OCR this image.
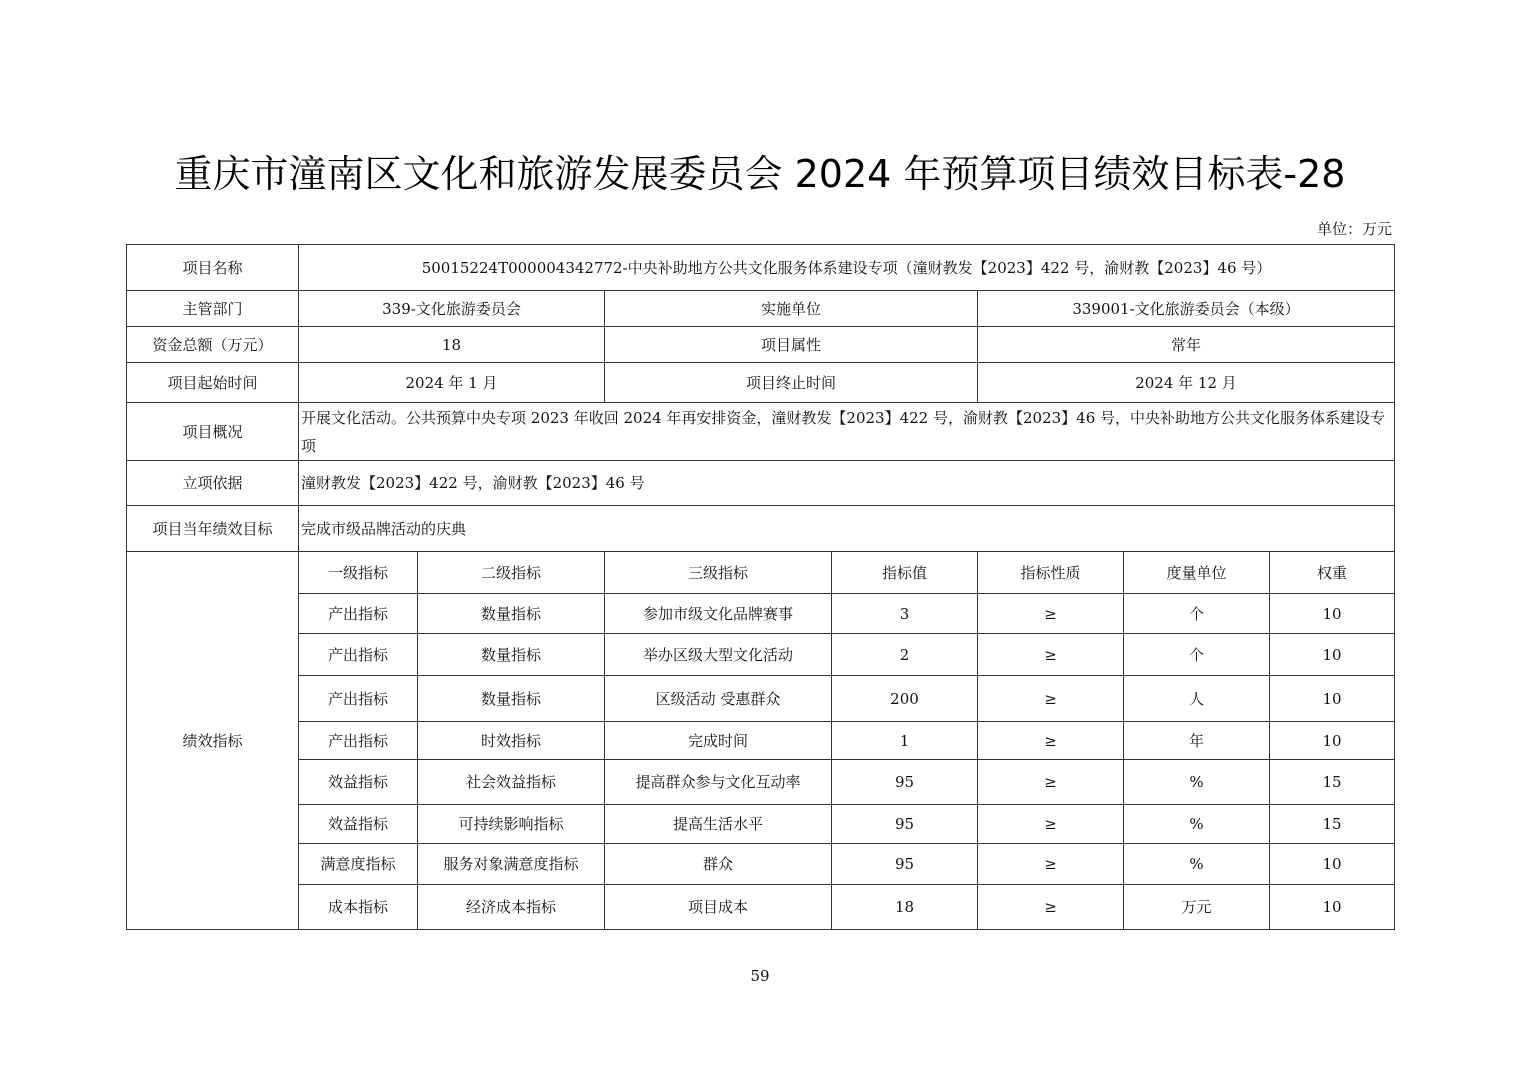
重庆市潼南区文化和旅游发展委员会 2024 年预算项目绩效目标表-28
单位：万元
项目名称	50015224T000004342772-中央补助地方公共文化服务体系建设专项（潼财教发【2023】422 号，渝财教【2023】46 号）						
主管部门	339-文化旅游委员会		实施单位		339001-文化旅游委员会（本级）		
资金总额（万元）	18		项目属性		常年		
项目起始时间	2024 年 1 月		项目终止时间		2024 年 12 月		
项目概况	开展文化活动。公共预算中央专项 2023 年收回 2024 年再安排资金，潼财教发【2023】422 号，渝财教【2023】46 号，中央补助地方公共文化服务体系建设专项						
立项依据	潼财教发【2023】422 号，渝财教【2023】46 号						
项目当年绩效目标	完成市级品牌活动的庆典						
绩效指标	一级指标	二级指标	三级指标	指标值	指标性质	度量单位	权重
	产出指标	数量指标	参加市级文化品牌赛事	3	≥	个	10
	产出指标	数量指标	举办区级大型文化活动	2	≥	个	10
	产出指标	数量指标	区级活动 受惠群众	200	≥	人	10
	产出指标	时效指标	完成时间	1	≥	年	10
	效益指标	社会效益指标	提高群众参与文化互动率	95	≥	%	15
	效益指标	可持续影响指标	提高生活水平	95	≥	%	15
	满意度指标	服务对象满意度指标	群众	95	≥	%	10
	成本指标	经济成本指标	项目成本	18	≥	万元	10
59
